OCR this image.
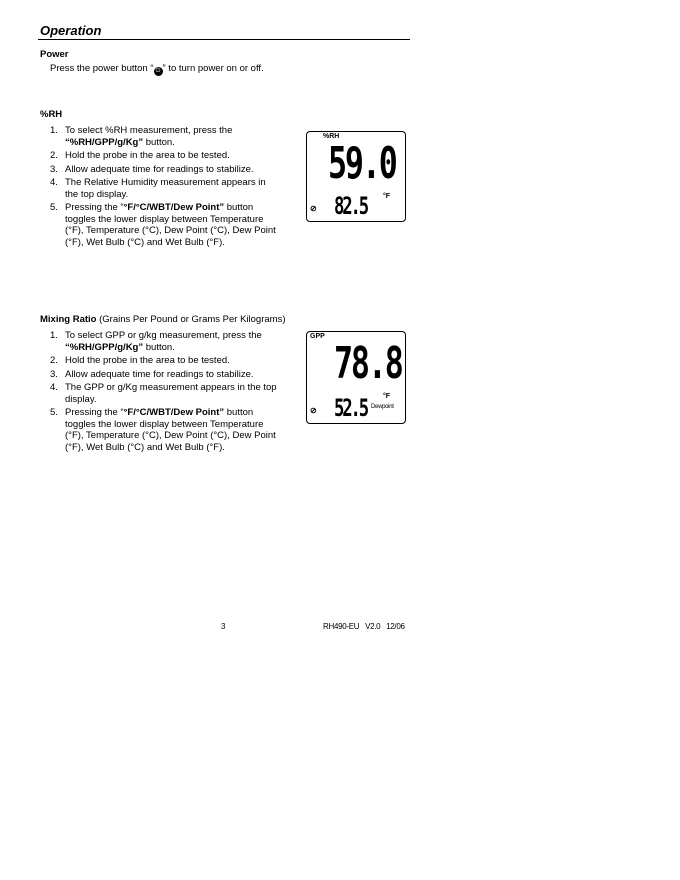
Operation
Power
Press the power button “ ⏻ ” to turn power on or off.
%RH
1. To select %RH measurement, press the “%RH/GPP/g/Kg” button.
2. Hold the probe in the area to be tested.
3. Allow adequate time for readings to stabilize.
4. The Relative Humidity measurement appears in the top display.
5. Pressing the “°F/°C/WBT/Dew Point” button toggles the lower display between Temperature (°F), Temperature (°C), Dew Point (°C), Dew Point (°F), Wet Bulb (°C) and Wet Bulb (°F).
%RH
59.0
82.5 °F
⊘
Mixing Ratio (Grains Per Pound or Grams Per Kilograms)
1. To select GPP or g/kg measurement, press the “%RH/GPP/g/Kg” button.
2. Hold the probe in the area to be tested.
3. Allow adequate time for readings to stabilize.
4. The GPP or g/Kg measurement appears in the top display.
5. Pressing the “°F/°C/WBT/Dew Point” button toggles the lower display between Temperature (°F), Temperature (°C), Dew Point (°C), Dew Point (°F), Wet Bulb (°C) and Wet Bulb (°F).
GPP
78.8
52.5 °F
Dewpoint
⊘
3	RH490-EU V2.0 12/06
